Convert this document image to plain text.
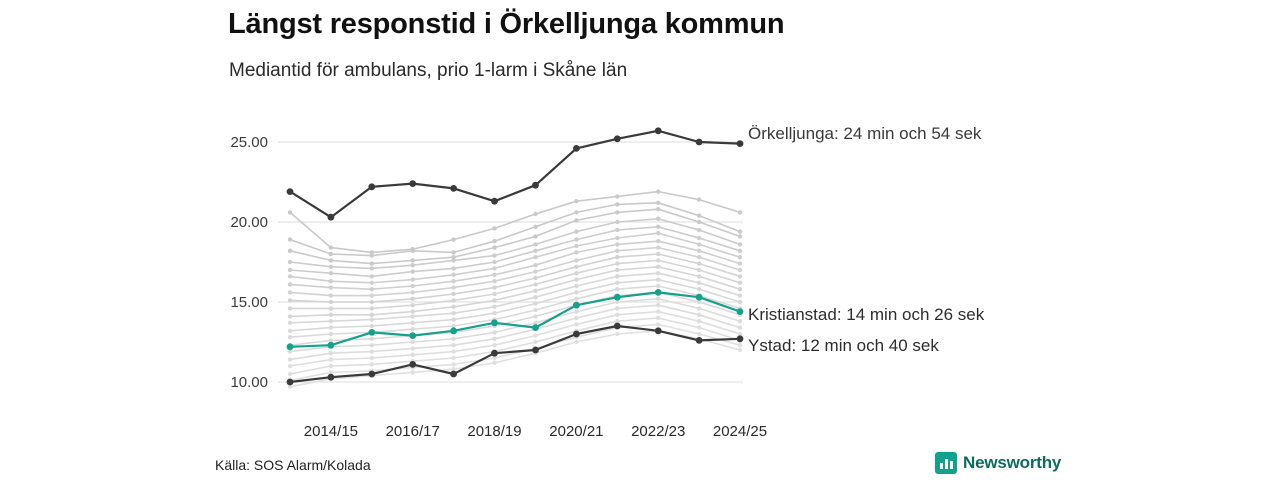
Längst responstid i Örkelljunga kommun
Mediantid för ambulans, prio 1-larm i Skåne län
10.00
15.00
20.00
25.00
2014/15 2016/17 2018/19 2020/21 2022/23 2024/25
Örkelljunga: 24 min och 54 sek
Kristianstad: 14 min och 26 sek
Ystad: 12 min och 40 sek
Källa: SOS Alarm/Kolada	Newsworthy
